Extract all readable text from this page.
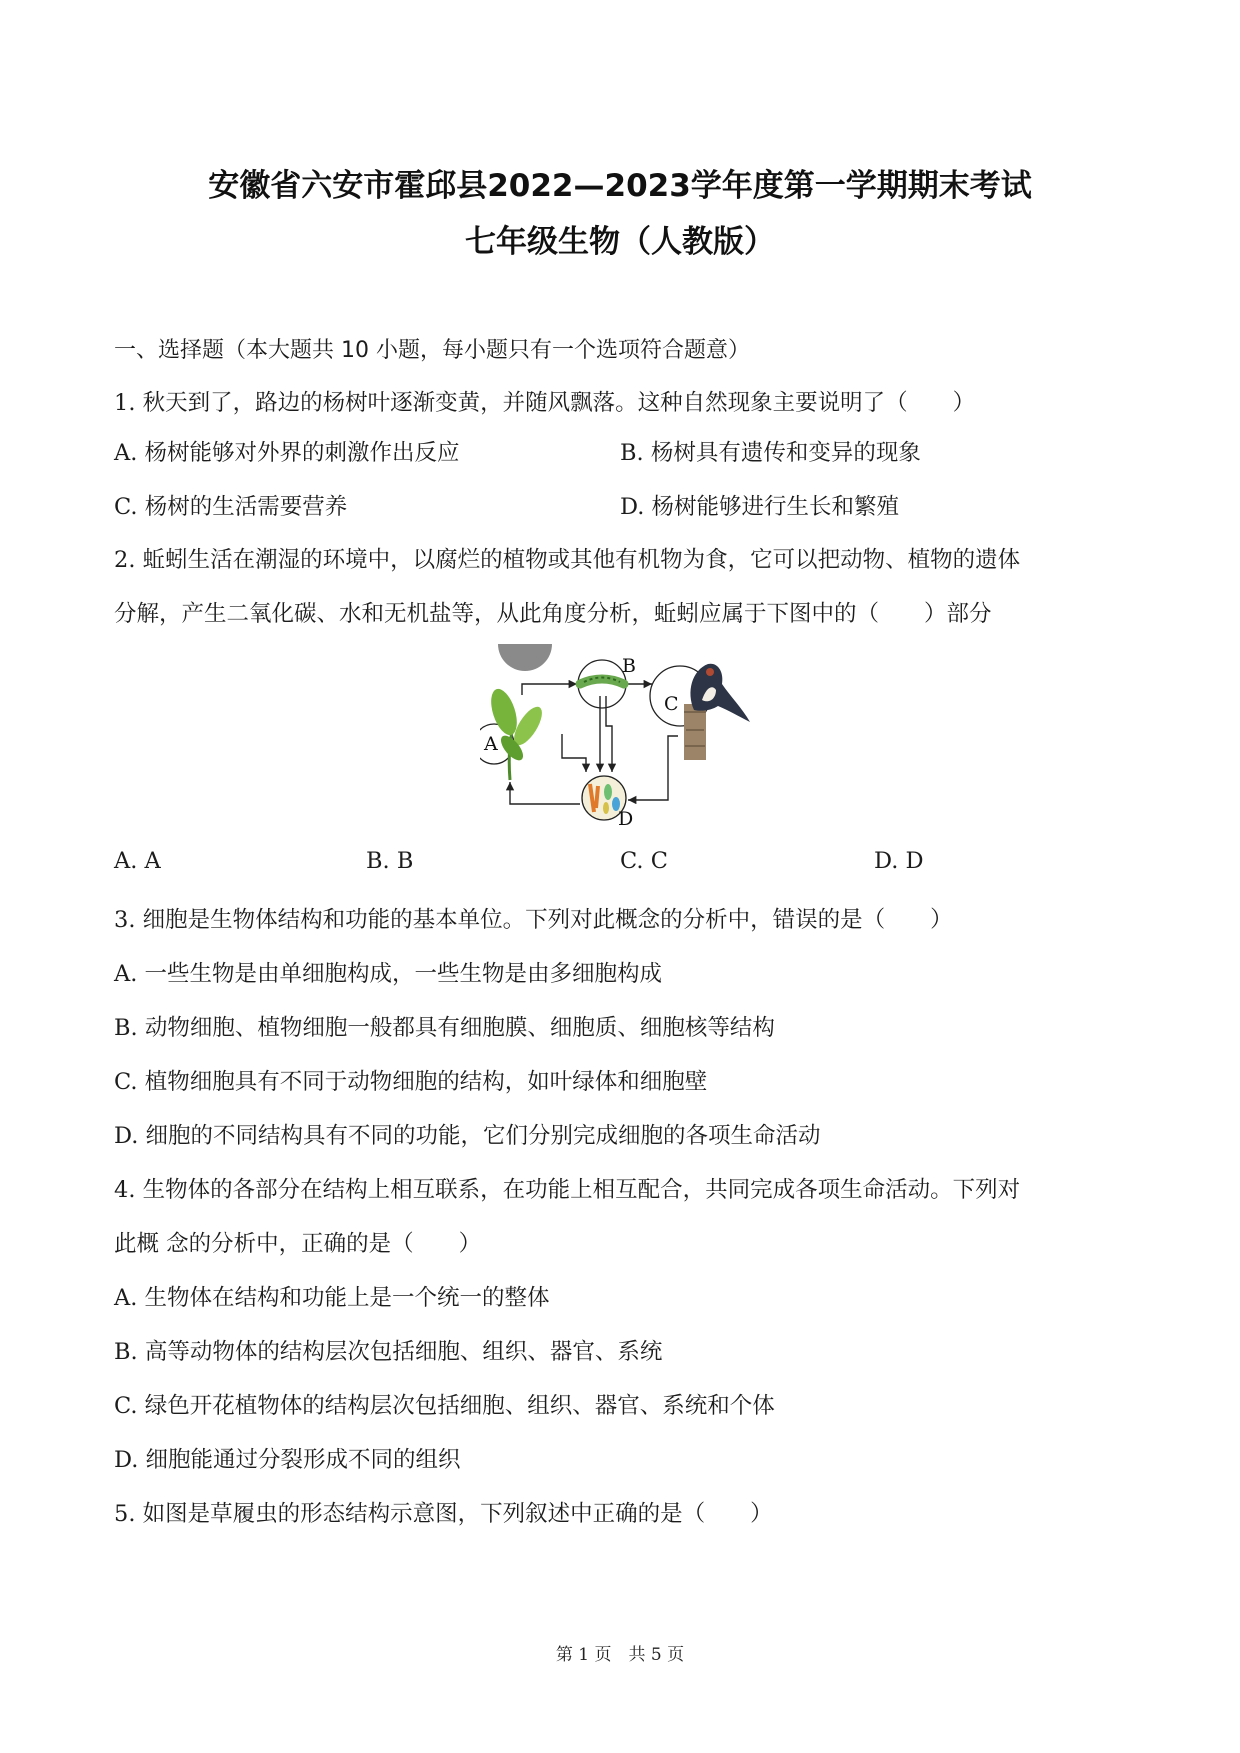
安徽省六安市霍邱县2022—2023学年度第一学期期末考试
七年级生物（人教版）
一、选择题（本大题共 10 小题，每小题只有一个选项符合题意）
1. 秋天到了，路边的杨树叶逐渐变黄，并随风飘落。这种自然现象主要说明了（　　）
A. 杨树能够对外界的刺激作出反应	B. 杨树具有遗传和变异的现象
C. 杨树的生活需要营养	D. 杨树能够进行生长和繁殖
2. 蚯蚓生活在潮湿的环境中，以腐烂的植物或其他有机物为食，它可以把动物、植物的遗体
分解，产生二氧化碳、水和无机盐等，从此角度分析，蚯蚓应属于下图中的（　　）部分
A
B
C
D
A. A	B. B	C. C	D. D
3. 细胞是生物体结构和功能的基本单位。下列对此概念的分析中，错误的是（　　）
A. 一些生物是由单细胞构成，一些生物是由多细胞构成
B. 动物细胞、植物细胞一般都具有细胞膜、细胞质、细胞核等结构
C. 植物细胞具有不同于动物细胞的结构，如叶绿体和细胞壁
D. 细胞的不同结构具有不同的功能，它们分别完成细胞的各项生命活动
4. 生物体的各部分在结构上相互联系，在功能上相互配合，共同完成各项生命活动。下列对
此概 念的分析中，正确的是（　　）
A. 生物体在结构和功能上是一个统一的整体
B. 高等动物体的结构层次包括细胞、组织、器官、系统
C. 绿色开花植物体的结构层次包括细胞、组织、器官、系统和个体
D. 细胞能通过分裂形成不同的组织
5. 如图是草履虫的形态结构示意图，下列叙述中正确的是（　　）
第 1 页　共 5 页
